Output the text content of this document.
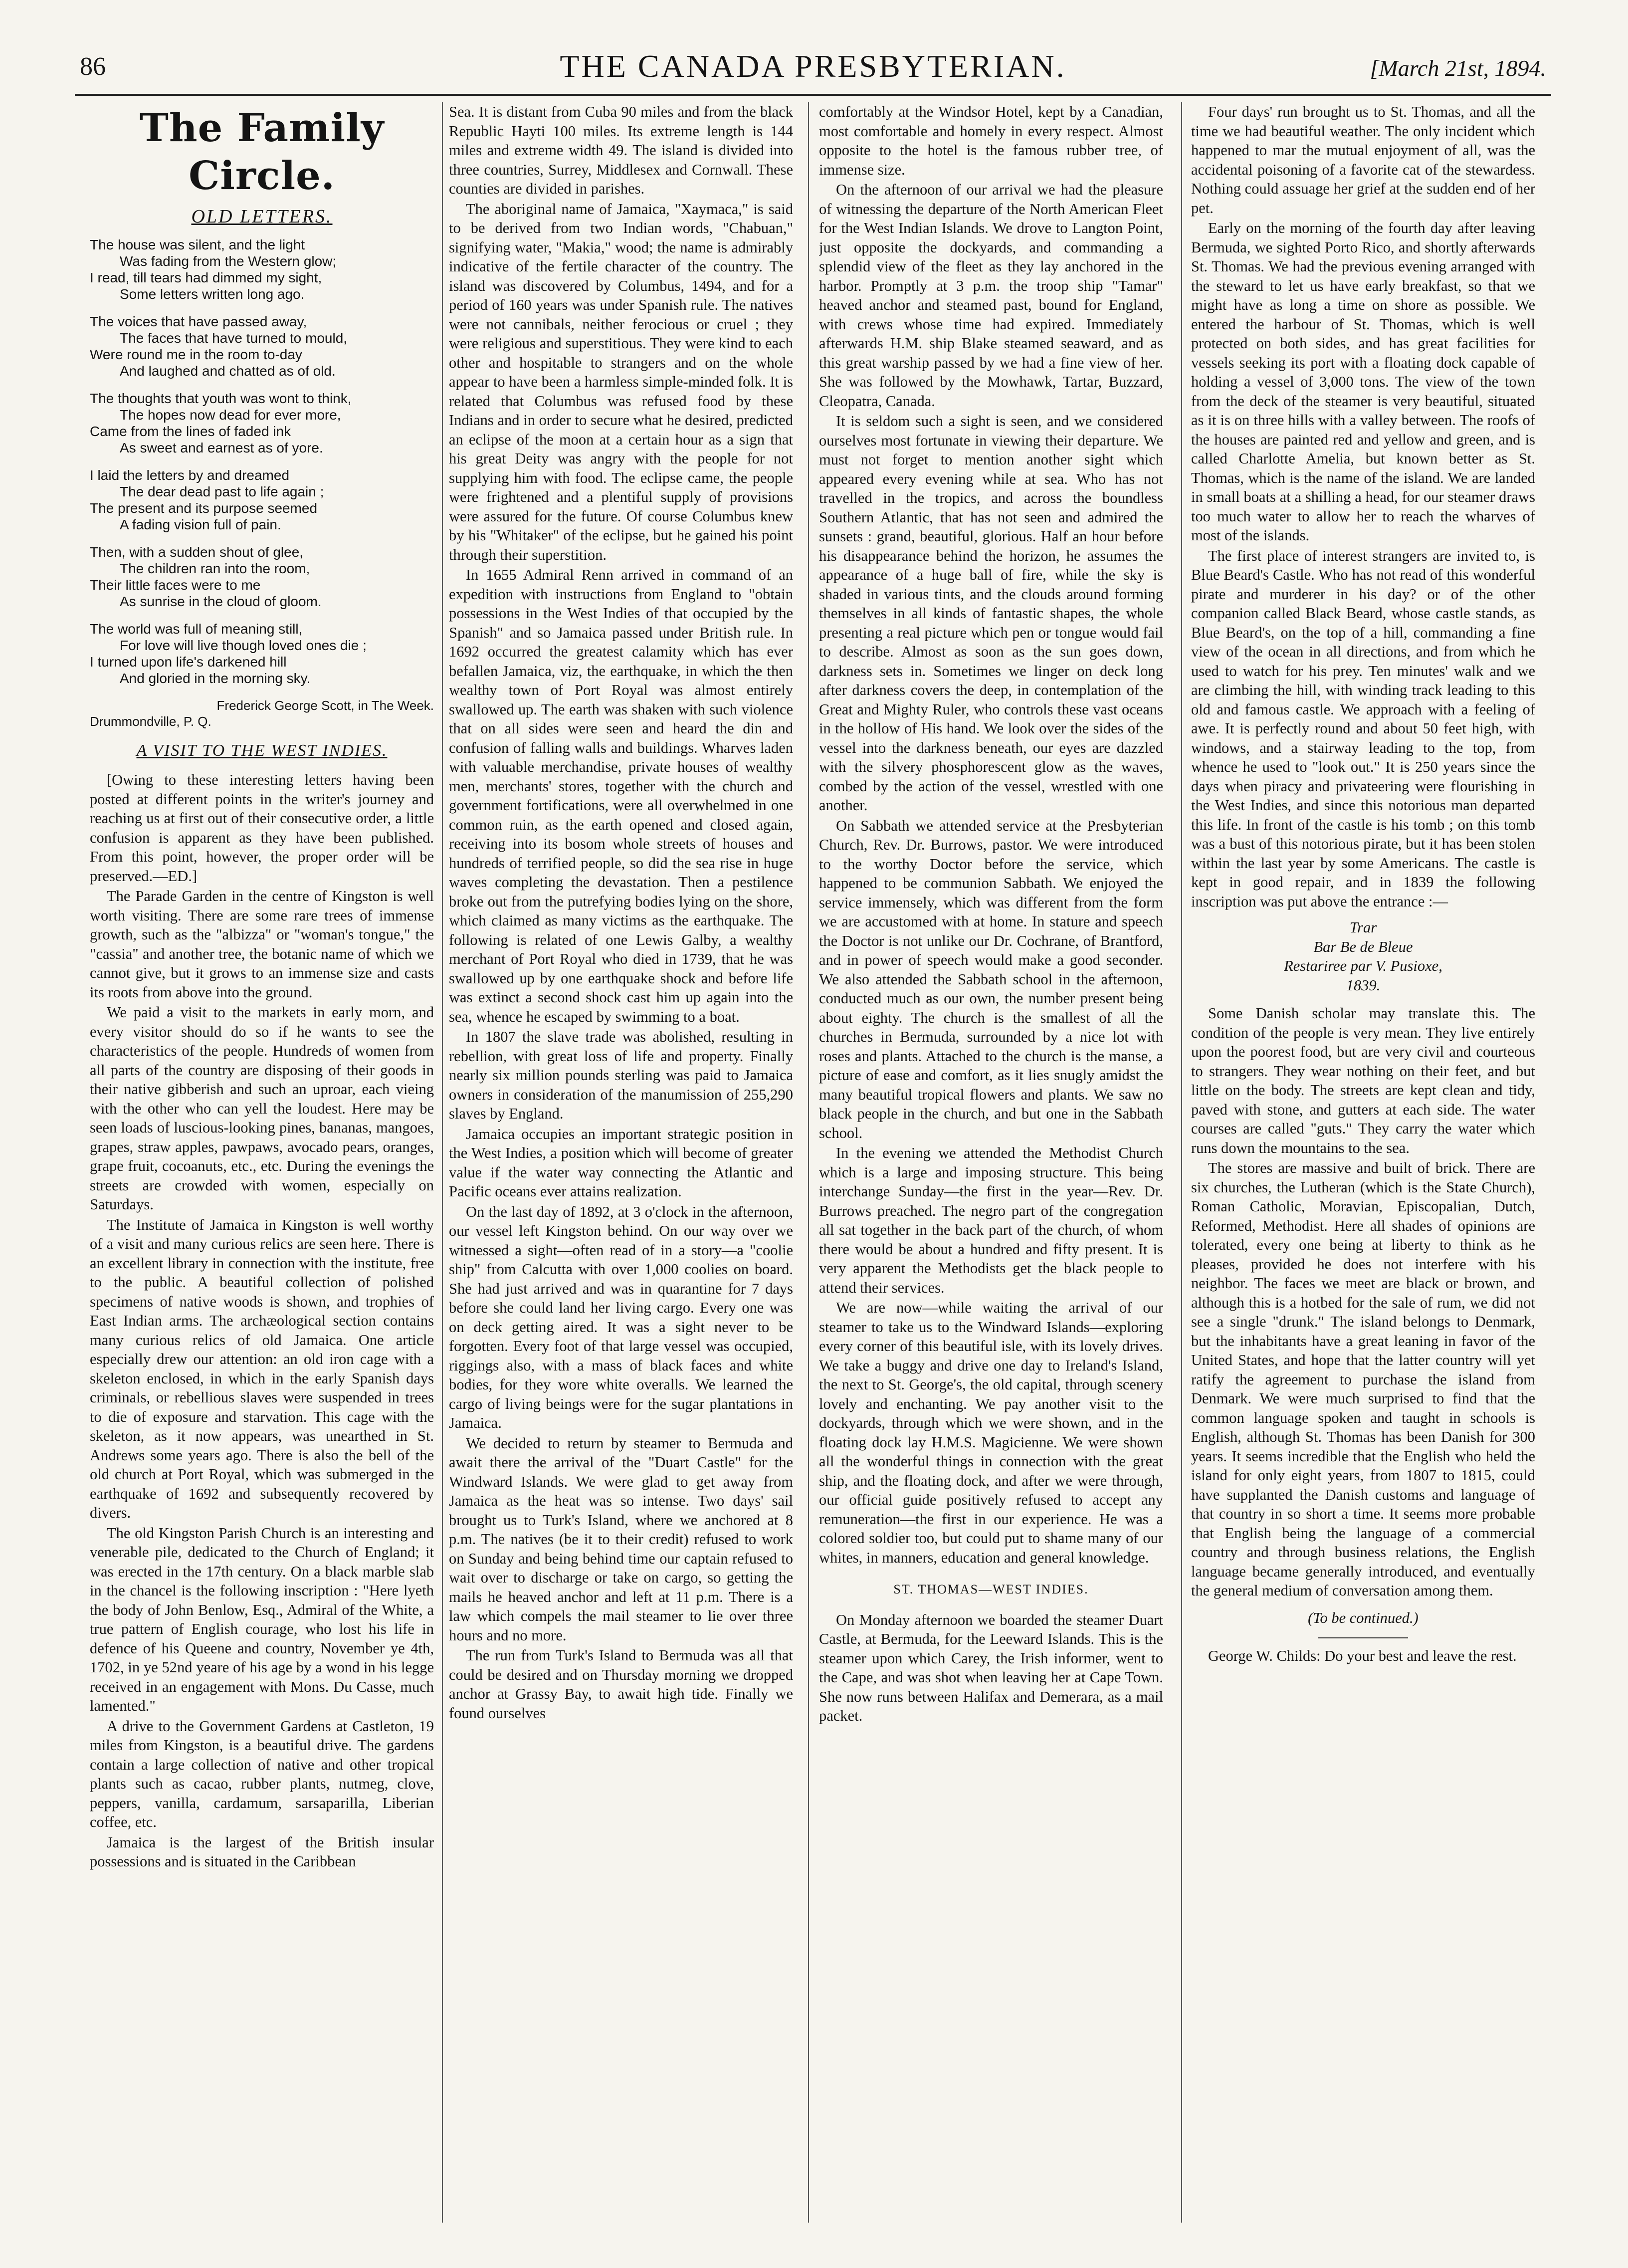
86	THE CANADA PRESBYTERIAN.	[March 21st, 1894.
The Family Circle.
OLD LETTERS.
The house was silent, and the light
Was fading from the Western glow;
I read, till tears had dimmed my sight,
Some letters written long ago.
The voices that have passed away,
The faces that have turned to mould,
Were round me in the room to-day
And laughed and chatted as of old.
The thoughts that youth was wont to think,
The hopes now dead for ever more,
Came from the lines of faded ink
As sweet and earnest as of yore.
I laid the letters by and dreamed
The dear dead past to life again ;
The present and its purpose seemed
A fading vision full of pain.
Then, with a sudden shout of glee,
The children ran into the room,
Their little faces were to me
As sunrise in the cloud of gloom.
The world was full of meaning still,
For love will live though loved ones die ;
I turned upon life's darkened hill
And gloried in the morning sky.
Frederick George Scott, in The Week.
Drummondville, P. Q.
A VISIT TO THE WEST INDIES.

[Owing to these interesting letters having been posted at different points in the writer's journey and reaching us at first out of their consecutive order, a little confusion is apparent as they have been published. From this point, however, the proper order will be preserved.—ED.]

The Parade Garden in the centre of Kingston is well worth visiting. There are some rare trees of immense growth, such as the "albizza" or "woman's tongue," the "cassia" and another tree, the botanic name of which we cannot give, but it grows to an immense size and casts its roots from above into the ground.

We paid a visit to the markets in early morn, and every visitor should do so if he wants to see the characteristics of the people. Hundreds of women from all parts of the country are disposing of their goods in their native gibberish and such an uproar, each vieing with the other who can yell the loudest. Here may be seen loads of luscious-looking pines, bananas, mangoes, grapes, straw apples, pawpaws, avocado pears, oranges, grape fruit, cocoanuts, etc., etc. During the evenings the streets are crowded with women, especially on Saturdays.

The Institute of Jamaica in Kingston is well worthy of a visit and many curious relics are seen here. There is an excellent library in connection with the institute, free to the public. A beautiful collection of polished specimens of native woods is shown, and trophies of East Indian arms. The archæological section contains many curious relics of old Jamaica. One article especially drew our attention: an old iron cage with a skeleton enclosed, in which in the early Spanish days criminals, or rebellious slaves were suspended in trees to die of exposure and starvation. This cage with the skeleton, as it now appears, was unearthed in St. Andrews some years ago. There is also the bell of the old church at Port Royal, which was submerged in the earthquake of 1692 and subsequently recovered by divers.

The old Kingston Parish Church is an interesting and venerable pile, dedicated to the Church of England; it was erected in the 17th century. On a black marble slab in the chancel is the following inscription : "Here lyeth the body of John Benlow, Esq., Admiral of the White, a true pattern of English courage, who lost his life in defence of his Queene and country, November ye 4th, 1702, in ye 52nd yeare of his age by a wond in his legge received in an engagement with Mons. Du Casse, much lamented."

A drive to the Government Gardens at Castleton, 19 miles from Kingston, is a beautiful drive. The gardens contain a large collection of native and other tropical plants such as cacao, rubber plants, nutmeg, clove, peppers, vanilla, cardamum, sarsaparilla, Liberian coffee, etc.

Jamaica is the largest of the British insular possessions and is situated in the Caribbean

Sea. It is distant from Cuba 90 miles and from the black Republic Hayti 100 miles. Its extreme length is 144 miles and extreme width 49. The island is divided into three countries, Surrey, Middlesex and Cornwall. These counties are divided in parishes.

The aboriginal name of Jamaica, "Xaymaca," is said to be derived from two Indian words, "Chabuan," signifying water, "Makia," wood; the name is admirably indicative of the fertile character of the country. The island was discovered by Columbus, 1494, and for a period of 160 years was under Spanish rule. The natives were not cannibals, neither ferocious or cruel ; they were religious and superstitious. They were kind to each other and hospitable to strangers and on the whole appear to have been a harmless simple-minded folk. It is related that Columbus was refused food by these Indians and in order to secure what he desired, predicted an eclipse of the moon at a certain hour as a sign that his great Deity was angry with the people for not supplying him with food. The eclipse came, the people were frightened and a plentiful supply of provisions were assured for the future. Of course Columbus knew by his "Whitaker" of the eclipse, but he gained his point through their superstition.

In 1655 Admiral Renn arrived in command of an expedition with instructions from England to "obtain possessions in the West Indies of that occupied by the Spanish" and so Jamaica passed under British rule. In 1692 occurred the greatest calamity which has ever befallen Jamaica, viz, the earthquake, in which the then wealthy town of Port Royal was almost entirely swallowed up. The earth was shaken with such violence that on all sides were seen and heard the din and confusion of falling walls and buildings. Wharves laden with valuable merchandise, private houses of wealthy men, merchants' stores, together with the church and government fortifications, were all overwhelmed in one common ruin, as the earth opened and closed again, receiving into its bosom whole streets of houses and hundreds of terrified people, so did the sea rise in huge waves completing the devastation. Then a pestilence broke out from the putrefying bodies lying on the shore, which claimed as many victims as the earthquake. The following is related of one Lewis Galby, a wealthy merchant of Port Royal who died in 1739, that he was swallowed up by one earthquake shock and before life was extinct a second shock cast him up again into the sea, whence he escaped by swimming to a boat.

In 1807 the slave trade was abolished, resulting in rebellion, with great loss of life and property. Finally nearly six million pounds sterling was paid to Jamaica owners in consideration of the manumission of 255,290 slaves by England.

Jamaica occupies an important strategic position in the West Indies, a position which will become of greater value if the water way connecting the Atlantic and Pacific oceans ever attains realization.

On the last day of 1892, at 3 o'clock in the afternoon, our vessel left Kingston behind. On our way over we witnessed a sight—often read of in a story—a "coolie ship" from Calcutta with over 1,000 coolies on board. She had just arrived and was in quarantine for 7 days before she could land her living cargo. Every one was on deck getting aired. It was a sight never to be forgotten. Every foot of that large vessel was occupied, riggings also, with a mass of black faces and white bodies, for they wore white overalls. We learned the cargo of living beings were for the sugar plantations in Jamaica.

We decided to return by steamer to Bermuda and await there the arrival of the "Duart Castle" for the Windward Islands. We were glad to get away from Jamaica as the heat was so intense. Two days' sail brought us to Turk's Island, where we anchored at 8 p.m. The natives (be it to their credit) refused to work on Sunday and being behind time our captain refused to wait over to discharge or take on cargo, so getting the mails he heaved anchor and left at 11 p.m. There is a law which compels the mail steamer to lie over three hours and no more.

The run from Turk's Island to Bermuda was all that could be desired and on Thursday morning we dropped anchor at Grassy Bay, to await high tide. Finally we found ourselves

comfortably at the Windsor Hotel, kept by a Canadian, most comfortable and homely in every respect. Almost opposite to the hotel is the famous rubber tree, of immense size.

On the afternoon of our arrival we had the pleasure of witnessing the departure of the North American Fleet for the West Indian Islands. We drove to Langton Point, just opposite the dockyards, and commanding a splendid view of the fleet as they lay anchored in the harbor. Promptly at 3 p.m. the troop ship "Tamar" heaved anchor and steamed past, bound for England, with crews whose time had expired. Immediately afterwards H.M. ship Blake steamed seaward, and as this great warship passed by we had a fine view of her. She was followed by the Mowhawk, Tartar, Buzzard, Cleopatra, Canada.

It is seldom such a sight is seen, and we considered ourselves most fortunate in viewing their departure. We must not forget to mention another sight which appeared every evening while at sea. Who has not travelled in the tropics, and across the boundless Southern Atlantic, that has not seen and admired the sunsets : grand, beautiful, glorious. Half an hour before his disappearance behind the horizon, he assumes the appearance of a huge ball of fire, while the sky is shaded in various tints, and the clouds around forming themselves in all kinds of fantastic shapes, the whole presenting a real picture which pen or tongue would fail to describe. Almost as soon as the sun goes down, darkness sets in. Sometimes we linger on deck long after darkness covers the deep, in contemplation of the Great and Mighty Ruler, who controls these vast oceans in the hollow of His hand. We look over the sides of the vessel into the darkness beneath, our eyes are dazzled with the silvery phosphorescent glow as the waves, combed by the action of the vessel, wrestled with one another.

On Sabbath we attended service at the Presbyterian Church, Rev. Dr. Burrows, pastor. We were introduced to the worthy Doctor before the service, which happened to be communion Sabbath. We enjoyed the service immensely, which was different from the form we are accustomed with at home. In stature and speech the Doctor is not unlike our Dr. Cochrane, of Brantford, and in power of speech would make a good seconder. We also attended the Sabbath school in the afternoon, conducted much as our own, the number present being about eighty. The church is the smallest of all the churches in Bermuda, surrounded by a nice lot with roses and plants. Attached to the church is the manse, a picture of ease and comfort, as it lies snugly amidst the many beautiful tropical flowers and plants. We saw no black people in the church, and but one in the Sabbath school.

In the evening we attended the Methodist Church which is a large and imposing structure. This being interchange Sunday—the first in the year—Rev. Dr. Burrows preached. The negro part of the congregation all sat together in the back part of the church, of whom there would be about a hundred and fifty present. It is very apparent the Methodists get the black people to attend their services.

We are now—while waiting the arrival of our steamer to take us to the Windward Islands—exploring every corner of this beautiful isle, with its lovely drives. We take a buggy and drive one day to Ireland's Island, the next to St. George's, the old capital, through scenery lovely and enchanting. We pay another visit to the dockyards, through which we were shown, and in the floating dock lay H.M.S. Magicienne. We were shown all the wonderful things in connection with the great ship, and the floating dock, and after we were through, our official guide positively refused to accept any remuneration—the first in our experience. He was a colored soldier too, but could put to shame many of our whites, in manners, education and general knowledge.

ST. THOMAS—WEST INDIES.

On Monday afternoon we boarded the steamer Duart Castle, at Bermuda, for the Leeward Islands. This is the steamer upon which Carey, the Irish informer, went to the Cape, and was shot when leaving her at Cape Town. She now runs between Halifax and Demerara, as a mail packet.

Four days' run brought us to St. Thomas, and all the time we had beautiful weather. The only incident which happened to mar the mutual enjoyment of all, was the accidental poisoning of a favorite cat of the stewardess. Nothing could assuage her grief at the sudden end of her pet.

Early on the morning of the fourth day after leaving Bermuda, we sighted Porto Rico, and shortly afterwards St. Thomas. We had the previous evening arranged with the steward to let us have early breakfast, so that we might have as long a time on shore as possible. We entered the harbour of St. Thomas, which is well protected on both sides, and has great facilities for vessels seeking its port with a floating dock capable of holding a vessel of 3,000 tons. The view of the town from the deck of the steamer is very beautiful, situated as it is on three hills with a valley between. The roofs of the houses are painted red and yellow and green, and is called Charlotte Amelia, but known better as St. Thomas, which is the name of the island. We are landed in small boats at a shilling a head, for our steamer draws too much water to allow her to reach the wharves of most of the islands.

The first place of interest strangers are invited to, is Blue Beard's Castle. Who has not read of this wonderful pirate and murderer in his day? or of the other companion called Black Beard, whose castle stands, as Blue Beard's, on the top of a hill, commanding a fine view of the ocean in all directions, and from which he used to watch for his prey. Ten minutes' walk and we are climbing the hill, with winding track leading to this old and famous castle. We approach with a feeling of awe. It is perfectly round and about 50 feet high, with windows, and a stairway leading to the top, from whence he used to "look out." It is 250 years since the days when piracy and privateering were flourishing in the West Indies, and since this notorious man departed this life. In front of the castle is his tomb ; on this tomb was a bust of this notorious pirate, but it has been stolen within the last year by some Americans. The castle is kept in good repair, and in 1839 the following inscription was put above the entrance :—

Trar
Bar Be de Bleue
Restariree par V. Pusioxe,
1839.

Some Danish scholar may translate this. The condition of the people is very mean. They live entirely upon the poorest food, but are very civil and courteous to strangers. They wear nothing on their feet, and but little on the body. The streets are kept clean and tidy, paved with stone, and gutters at each side. The water courses are called "guts." They carry the water which runs down the mountains to the sea.

The stores are massive and built of brick. There are six churches, the Lutheran (which is the State Church), Roman Catholic, Moravian, Episcopalian, Dutch, Reformed, Methodist. Here all shades of opinions are tolerated, every one being at liberty to think as he pleases, provided he does not interfere with his neighbor. The faces we meet are black or brown, and although this is a hotbed for the sale of rum, we did not see a single "drunk." The island belongs to Denmark, but the inhabitants have a great leaning in favor of the United States, and hope that the latter country will yet ratify the agreement to purchase the island from Denmark. We were much surprised to find that the common language spoken and taught in schools is English, although St. Thomas has been Danish for 300 years. It seems incredible that the English who held the island for only eight years, from 1807 to 1815, could have supplanted the Danish customs and language of that country in so short a time. It seems more probable that English being the language of a commercial country and through business relations, the English language became generally introduced, and eventually the general medium of conversation among them.

(To be continued.)

George W. Childs: Do your best and leave the rest.
